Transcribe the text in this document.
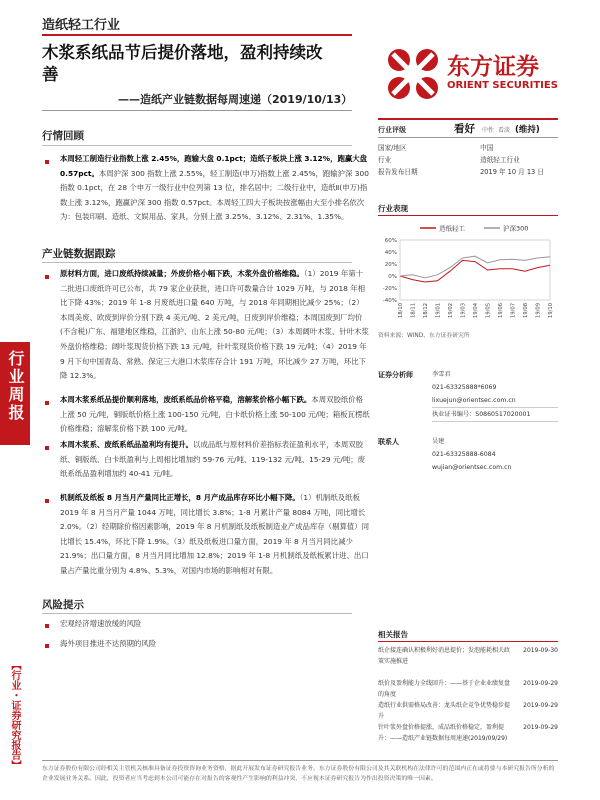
造纸轻工行业
木浆系纸品节后提价落地，盈利持续改
善
——造纸产业链数据每周速递（2019/10/13）
东方证券
ORIENT SECURITIES
行业周报
【行业・证券研究报告】
行情回顾
本周轻工制造行业指数上涨 2.45%，跑输大盘 0.1pct；造纸子板块上涨 3.12%，跑赢大盘 0.57pct。本周沪深 300 指数上涨 2.55%，轻工制造(申万)指数上涨 2.45%，跑输沪深 300 指数 0.1pct，在 28 个申万一级行业中位列第 13 位，排名居中；二级行业中，造纸Ⅱ(申万)指数上涨 3.12%，跑赢沪深 300 指数 0.57pct。本周轻工四大子板块按涨幅由大至小排名依次为：包装印刷、造纸、文娱用品、家具，分别上涨 3.25%、3.12%、2.31%、1.35%。
产业链数据跟踪
原材料方面，进口废纸持续减量；外废价格小幅下跌，木浆外盘价格维稳。（1）2019 年第十二批进口废纸许可已公布，共 79 家企业获批，进口许可数量合计 1029 万吨，与 2018 年相比下降 43%；2019 年 1-8 月废纸进口量 640 万吨，与 2018 年同期相比减少 25%；（2）本周美废、欧废到岸价分别下跌 4 美元/吨、2 美元/吨，日废到岸价维稳；本周国废到厂均价(不含税)广东、福建地区维稳，江浙沪、山东上涨 50-80 元/吨；（3）本周阔叶木浆、针叶木浆外盘价格维稳；阔叶浆现货价格下跌 13 元/吨，针叶浆现货价格下跌 19 元/吨；（4）2019 年 9 月下旬中国青岛、常熟、保定三大港口木浆库存合计 191 万吨，环比减少 27 万吨，环比下降 12.3%。
本周木浆系纸品提价顺利落地，废纸系纸品价格平稳，溶解浆价格小幅下跌。本周双胶纸价格上涨 50 元/吨，铜版纸价格上涨 100-150 元/吨，白卡纸价格上涨 50-100 元/吨；箱板瓦楞纸价格维稳；溶解浆价格下跌 100 元/吨。
本周木浆系、废纸系纸品盈利均有提升。以成品纸与原材料价差指标表征盈利水平，本周双胶纸、铜版纸、白卡纸盈利与上周相比增加约 59-76 元/吨、119-132 元/吨、15-29 元/吨；废纸系纸品盈利增加约 40-41 元/吨。
机制纸及纸板 8 月当月产量同比正增长，8 月产成品库存环比小幅下降。（1）机制纸及纸板 2019 年 8 月当月产量 1044 万吨，同比增长 3.8%；1-8 月累计产量 8084 万吨，同比增长 2.0%。（2）经期除价格因素影响，2019 年 8 月机制纸及纸板制造业产成品库存（剔算值）同比增长 15.4%，环比下降 1.9%。（3）纸及纸板进口量方面，2019 年 8 月当月同比减少 21.9%；出口量方面，8 月当月同比增加 12.8%；2019 年 1-8 月机制纸及纸板累计进、出口量占产量比重分别为 4.8%、5.3%，对国内市场的影响相对有限。
风险提示
宏观经济增速放缓的风险
海外项目推进不达预期的风险
行业评级	看好 中性 看淡 (维持)
国家/地区	中国
行业	造纸轻工行业
报告发布日期	2019 年 10 月 13 日
行业表现
60%
40%
20%
0%
-20%
-40%
18/10 18/11 18/12 19/01 19/02 19/03 19/04 19/05 19/06 19/07 19/08 19/09 19/10
造纸轻工	沪深300
资料来源：WIND、东方证券研究所
证券分析师	李雪君
021-63325888*6069
lixuejun@orientsec.com.cn
执业证书编号：S0860517020001
联系人	吴建
021-63325888-6084
wujian@orientsec.com.cn
相关报告
纸企接连确认积极利好消息提价；发泡能耗相关政策实施推进
2019-09-30
纸价及盈利能力全线回升：——基于企业业绩复盘的角度
2019-09-29
造纸行业供需格局改善：龙头纸企竞争优势稳步提升
2019-09-29
针叶浆外盘价格提涨，成品纸价格稳定，盈利提升：——造纸产业链数据每周速递(2019/09/29)
2019-09-29
东方证券股份有限公司经相关主管机关核准具备证券投资咨询业务资格，据此开展发布证券研究报告业务。东方证券股份有限公司及其关联机构在法律许可的范围内正在或将要与本研究报告所分析的企业发展业务关系。因此，投资者应当考虑到本公司可能存在对报告的客观性产生影响的利益冲突，不应视本证券研究报告为作出投资决策的唯一因素。
